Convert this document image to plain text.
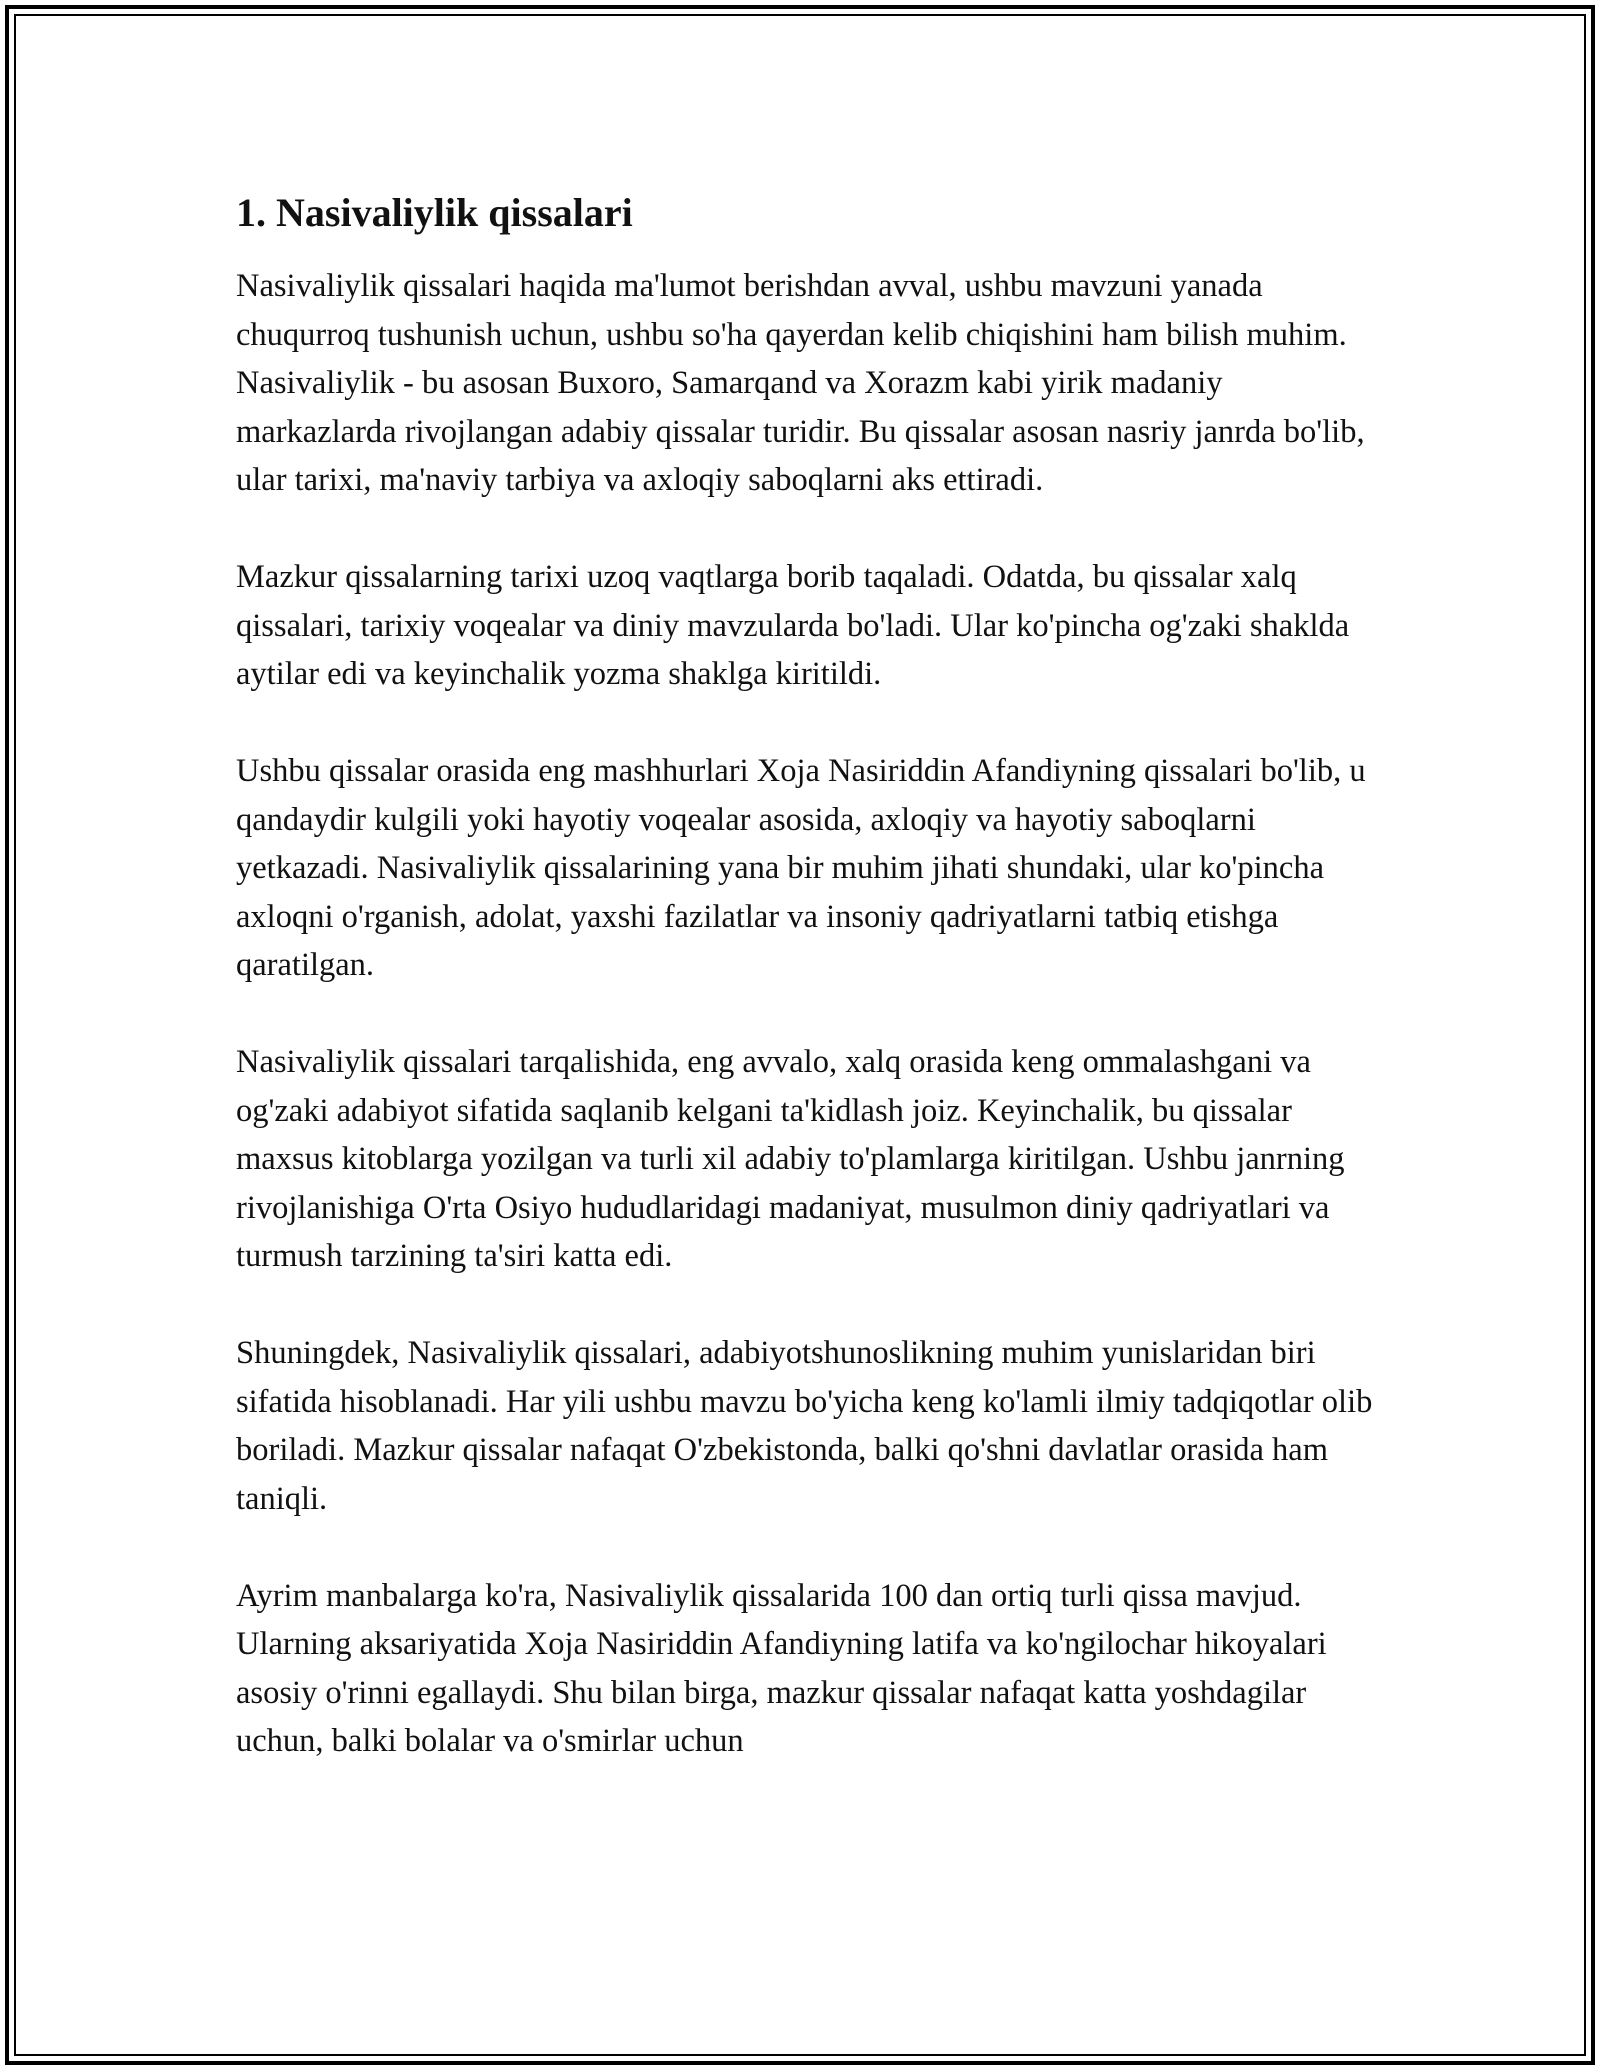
1. Nasivaliylik qissalari

Nasivaliylik qissalari haqida ma'lumot berishdan avval, ushbu mavzuni yanada chuqurroq tushunish uchun, ushbu so'ha qayerdan kelib chiqishini ham bilish muhim. Nasivaliylik - bu asosan Buxoro, Samarqand va Xorazm kabi yirik madaniy markazlarda rivojlangan adabiy qissalar turidir. Bu qissalar asosan nasriy janrda bo'lib, ular tarixi, ma'naviy tarbiya va axloqiy saboqlarni aks ettiradi.

Mazkur qissalarning tarixi uzoq vaqtlarga borib taqaladi. Odatda, bu qissalar xalq qissalari, tarixiy voqealar va diniy mavzularda bo'ladi. Ular ko'pincha og'zaki shaklda aytilar edi va keyinchalik yozma shaklga kiritildi.

Ushbu qissalar orasida eng mashhurlari Xoja Nasiriddin Afandiyning qissalari bo'lib, u qandaydir kulgili yoki hayotiy voqealar asosida, axloqiy va hayotiy saboqlarni yetkazadi. Nasivaliylik qissalarining yana bir muhim jihati shundaki, ular ko'pincha axloqni o'rganish, adolat, yaxshi fazilatlar va insoniy qadriyatlarni tatbiq etishga qaratilgan.

Nasivaliylik qissalari tarqalishida, eng avvalo, xalq orasida keng ommalashgani va og'zaki adabiyot sifatida saqlanib kelgani ta'kidlash joiz. Keyinchalik, bu qissalar maxsus kitoblarga yozilgan va turli xil adabiy to'plamlarga kiritilgan. Ushbu janrning rivojlanishiga O'rta Osiyo hududlaridagi madaniyat, musulmon diniy qadriyatlari va turmush tarzining ta'siri katta edi.

Shuningdek, Nasivaliylik qissalari, adabiyotshunoslikning muhim yunislaridan biri sifatida hisoblanadi. Har yili ushbu mavzu bo'yicha keng ko'lamli ilmiy tadqiqotlar olib boriladi. Mazkur qissalar nafaqat O'zbekistonda, balki qo'shni davlatlar orasida ham taniqli.

Ayrim manbalarga ko'ra, Nasivaliylik qissalarida 100 dan ortiq turli qissa mavjud. Ularning aksariyatida Xoja Nasiriddin Afandiyning latifa va ko'ngilochar hikoyalari asosiy o'rinni egallaydi. Shu bilan birga, mazkur qissalar nafaqat katta yoshdagilar uchun, balki bolalar va o'smirlar uchun
